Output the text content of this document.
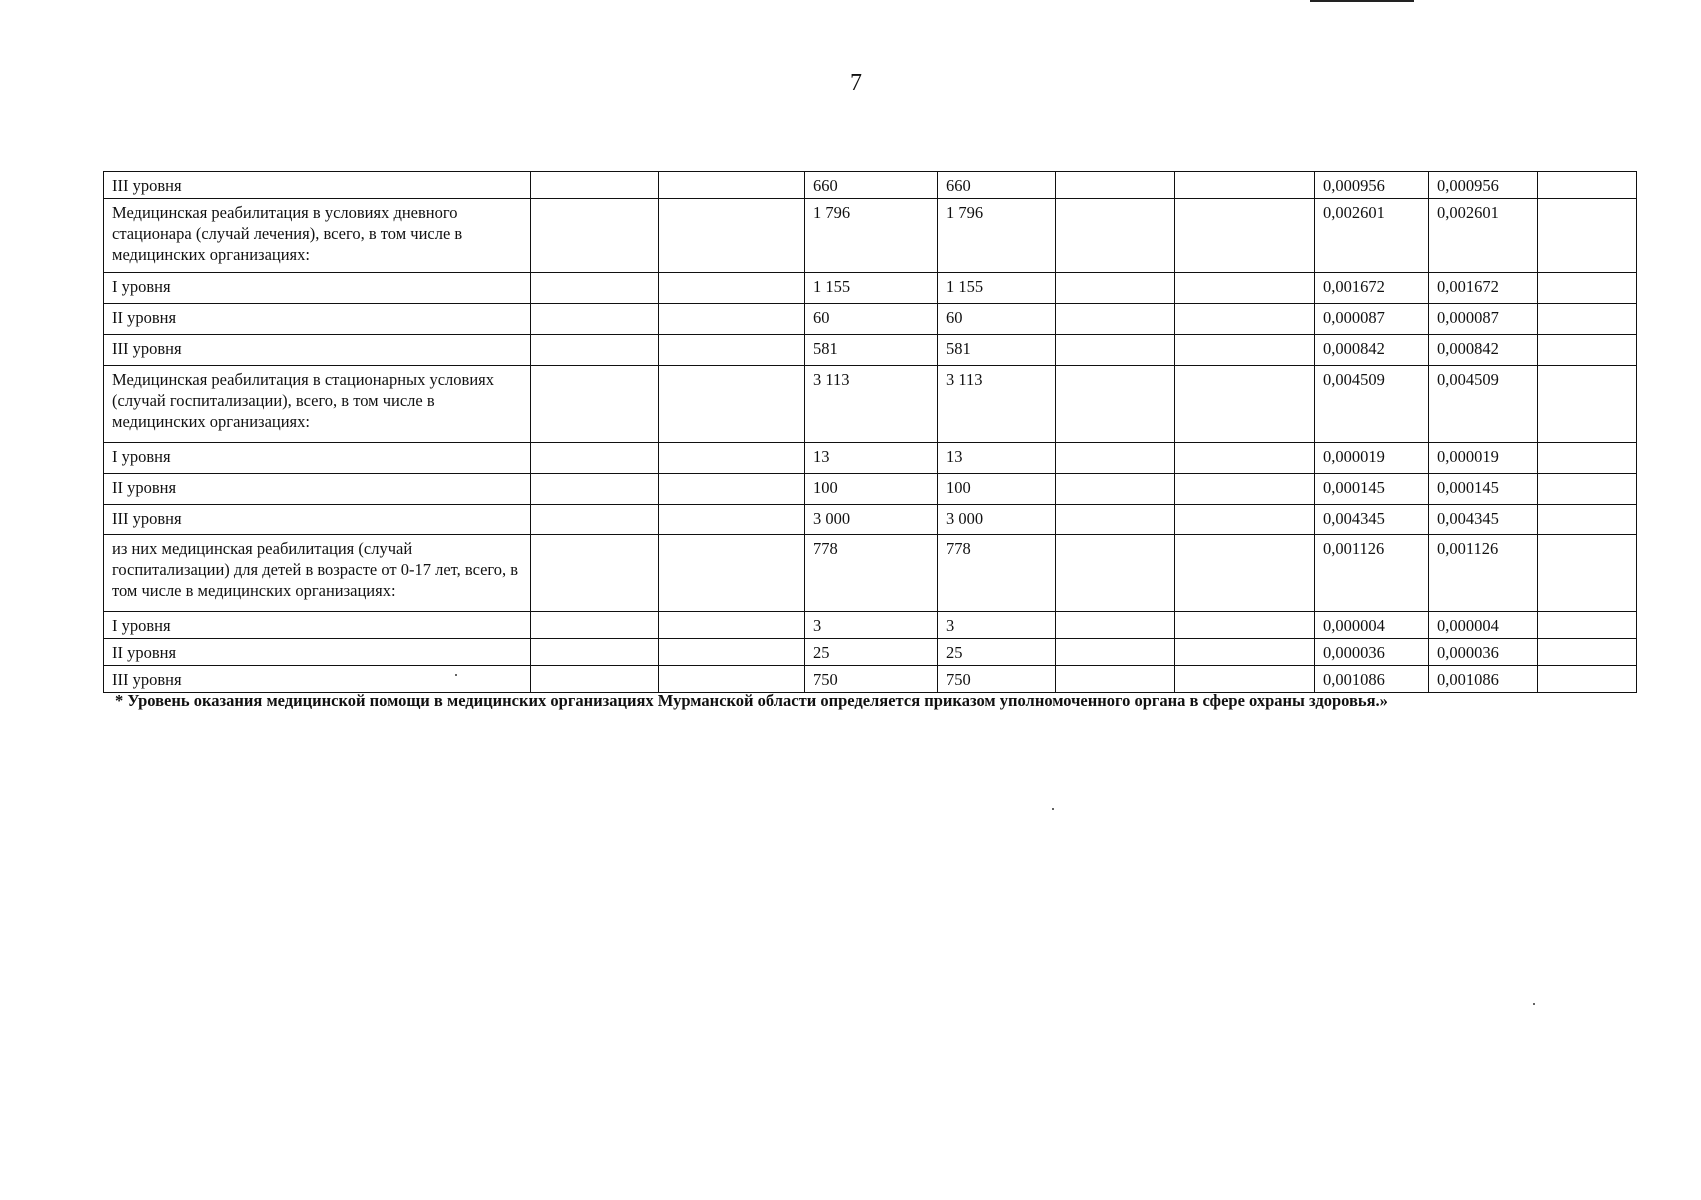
7
III уровня			660	660			0,000956	0,000956	
Медицинская реабилитация в условиях дневного стационара (случай лечения), всего, в том числе в медицинских организациях:			1 796	1 796			0,002601	0,002601	
I уровня			1 155	1 155			0,001672	0,001672	
II уровня			60	60			0,000087	0,000087	
III уровня			581	581			0,000842	0,000842	
Медицинская реабилитация в стационарных условиях (случай госпитализации), всего, в том числе в медицинских организациях:			3 113	3 113			0,004509	0,004509	
I уровня			13	13			0,000019	0,000019	
II уровня			100	100			0,000145	0,000145	
III уровня			3 000	3 000			0,004345	0,004345	
из них медицинская реабилитация (случай госпитализации) для детей в возрасте от 0-17 лет, всего, в том числе в медицинских организациях:			778	778			0,001126	0,001126	
I уровня			3	3			0,000004	0,000004	
II уровня			25	25			0,000036	0,000036	
III уровня			750	750			0,001086	0,001086	
* Уровень оказания медицинской помощи в медицинских организациях Мурманской области определяется приказом уполномоченного органа в сфере охраны здоровья.»
